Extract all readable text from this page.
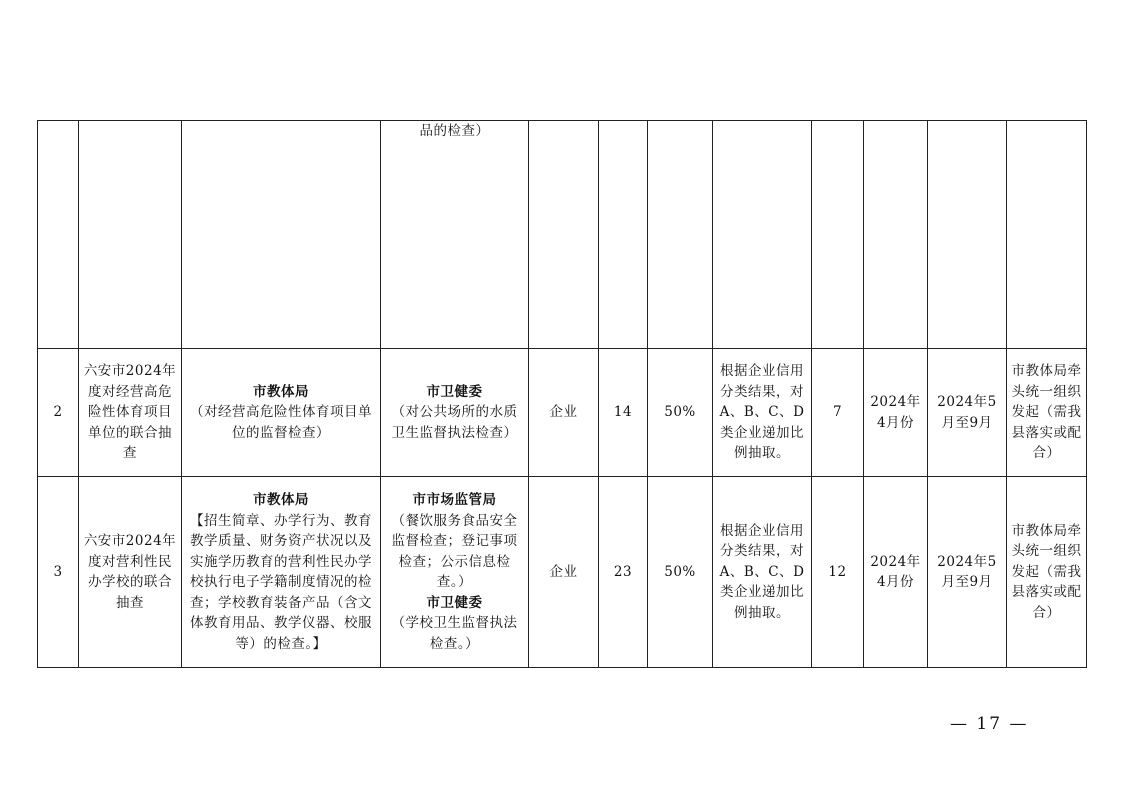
			品的检查）								

2	六安市2024年度对经营高危险性体育项目单位的联合抽查	市教体局
（对经营高危险性体育项目单位的监督检查）	市卫健委
（对公共场所的水质卫生监督执法检查）	企业	14	50%	根据企业信用分类结果，对A、B、C、D类企业递加比例抽取。	7	2024年4月份	2024年5月至9月	市教体局牵头统一组织发起（需我县落实或配合）
3	六安市2024年度对营利性民办学校的联合抽查	市教体局
【招生简章、办学行为、教育教学质量、财务资产状况以及实施学历教育的营利性民办学校执行电子学籍制度情况的检查；学校教育装备产品（含文体教育用品、教学仪器、校服等）的检查。】	市市场监管局
（餐饮服务食品安全监督检查；登记事项检查；公示信息检查。）
市卫健委
（学校卫生监督执法检查。）	企业	23	50%	根据企业信用分类结果，对A、B、C、D类企业递加比例抽取。	12	2024年4月份	2024年5月至9月	市教体局牵头统一组织发起（需我县落实或配合）
— 17 —
